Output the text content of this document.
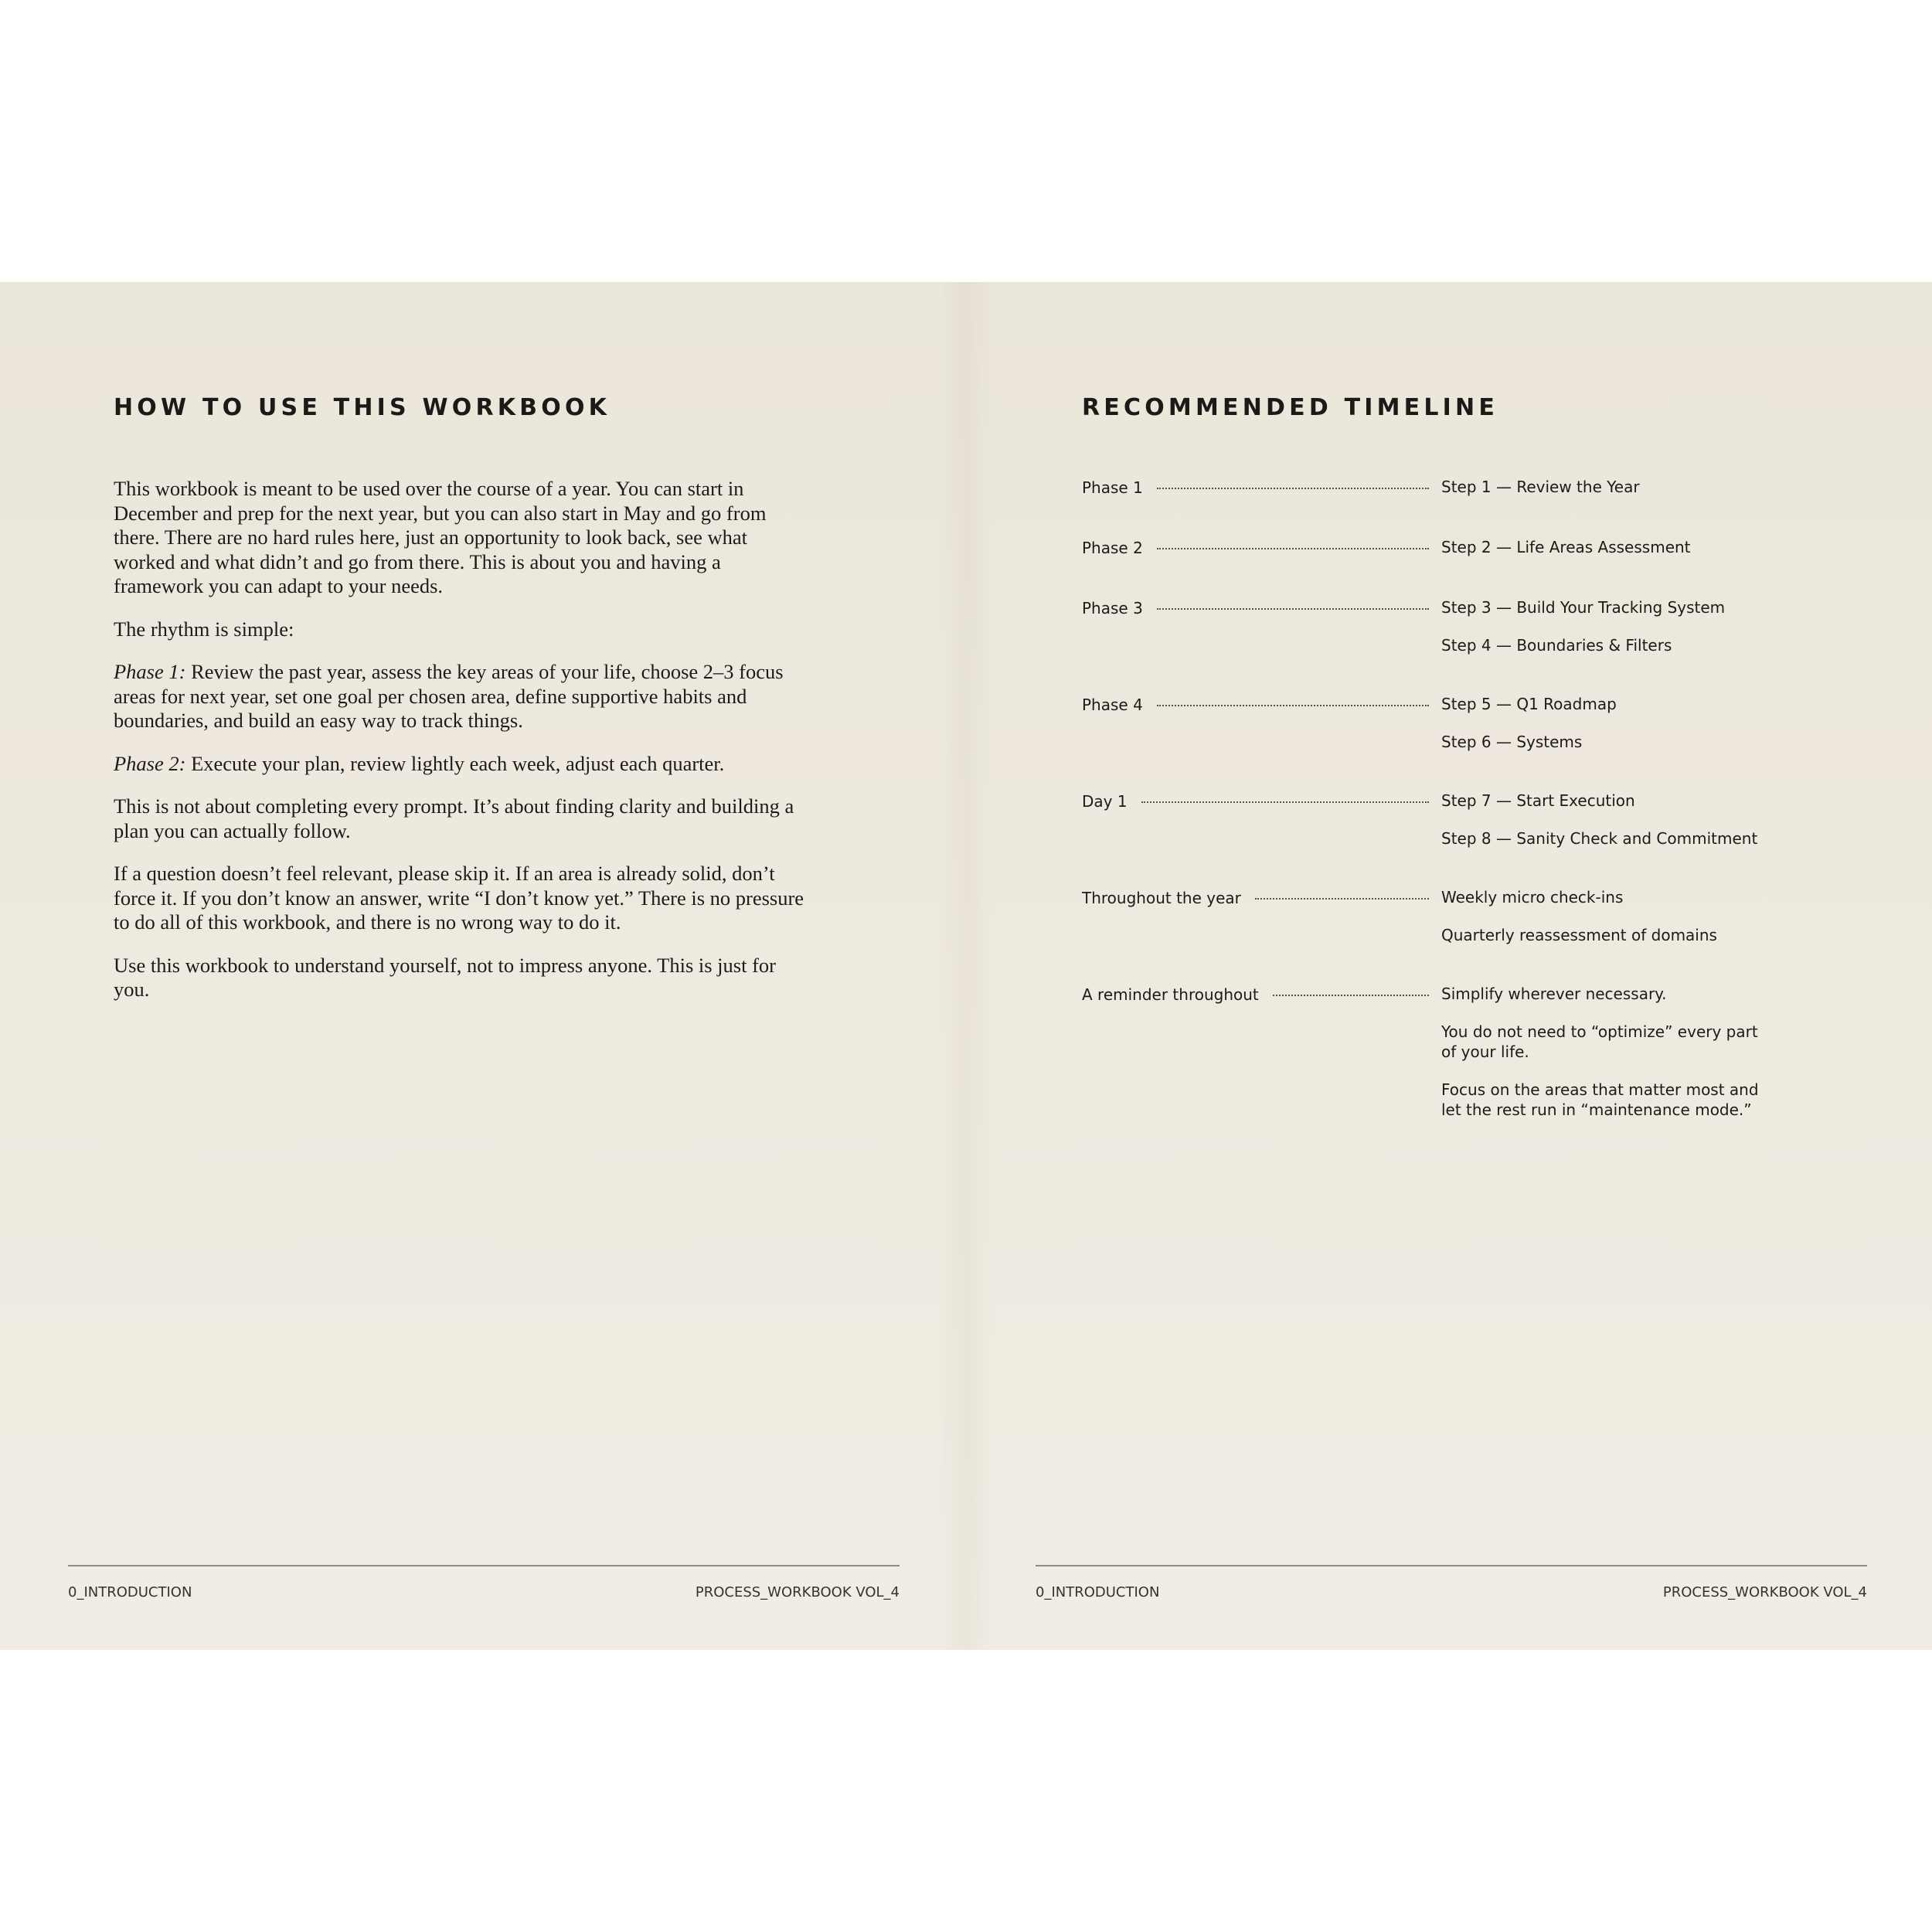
HOW TO USE THIS WORKBOOK

This workbook is meant to be used over the course of a year. You can start in December and prep for the next year, but you can also start in May and go from there. There are no hard rules here, just an opportunity to look back, see what worked and what didn’t and go from there. This is about you and having a framework you can adapt to your needs.

The rhythm is simple:

Phase 1: Review the past year, assess the key areas of your life, choose 2–3 focus areas for next year, set one goal per chosen area, define supportive habits and boundaries, and build an easy way to track things.

Phase 2: Execute your plan, review lightly each week, adjust each quarter.

This is not about completing every prompt. It’s about finding clarity and building a plan you can actually follow.

If a question doesn’t feel relevant, please skip it. If an area is already solid, don’t force it. If you don’t know an answer, write “I don’t know yet.” There is no pressure to do all of this workbook, and there is no wrong way to do it.

Use this workbook to understand yourself, not to impress anyone. This is just for you.

0_INTRODUCTION	PROCESS_WORKBOOK VOL_4
RECOMMENDED TIMELINE
Phase 1	Step 1 — Review the Year
Phase 2	Step 2 — Life Areas Assessment
Phase 3	Step 3 — Build Your Tracking System
Step 4 — Boundaries & Filters
Phase 4	Step 5 — Q1 Roadmap
Step 6 — Systems
Day 1	Step 7 — Start Execution
Step 8 — Sanity Check and Commitment
Throughout the year	Weekly micro check-ins
Quarterly reassessment of domains
A reminder throughout	Simplify wherever necessary.
You do not need to “optimize” every part of your life.
Focus on the areas that matter most and let the rest run in “maintenance mode.”
0_INTRODUCTION	PROCESS_WORKBOOK VOL_4
